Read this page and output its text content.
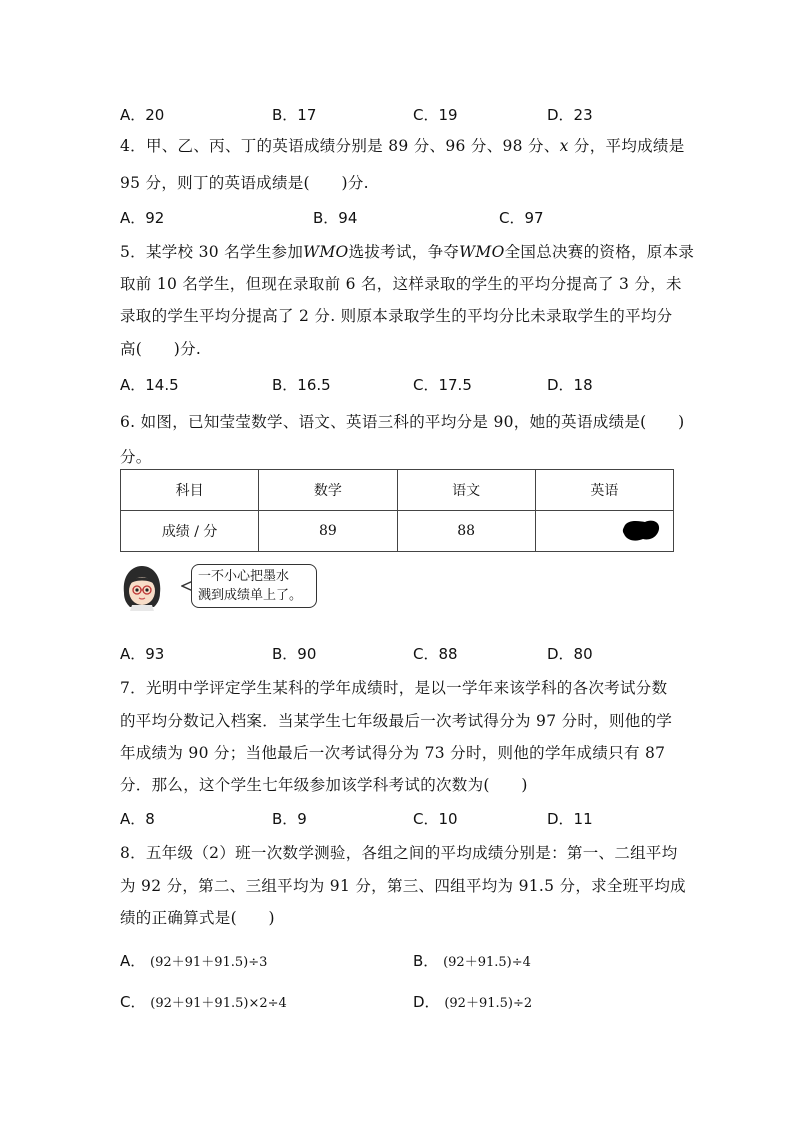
A．20	B．17	C．19	D．23
4．甲、乙、丙、丁的英语成绩分别是 89 分、96 分、98 分、x 分，平均成绩是
95 分，则丁的英语成绩是(　　)分.
A．92	B．94	C．97
5．某学校 30 名学生参加WMO选拔考试，争夺WMO全国总决赛的资格，原本录
取前 10 名学生，但现在录取前 6 名，这样录取的学生的平均分提高了 3 分，未
录取的学生平均分提高了 2 分. 则原本录取学生的平均分比未录取学生的平均分
高(　　)分.
A．14.5	B．16.5	C．17.5	D．18
6. 如图，已知莹莹数学、语文、英语三科的平均分是 90，她的英语成绩是(　　)
分。
科目	数学	语文	英语
成绩 / 分	89	88	
一不小心把墨水
溅到成绩单上了。
A．93	B．90	C．88	D．80
7．光明中学评定学生某科的学年成绩时，是以一学年来该学科的各次考试分数
的平均分数记入档案．当某学生七年级最后一次考试得分为 97 分时，则他的学
年成绩为 90 分；当他最后一次考试得分为 73 分时，则他的学年成绩只有 87
分．那么，这个学生七年级参加该学科考试的次数为(　　)
A．8	B．9	C．10	D．11
8．五年级（2）班一次数学测验，各组之间的平均成绩分别是：第一、二组平均
为 92 分，第二、三组平均为 91 分，第三、四组平均为 91.5 分，求全班平均成
绩的正确算式是(　　)
A． (92＋91＋91.5)÷3	B． (92＋91.5)÷4
C． (92＋91＋91.5)×2÷4	D． (92＋91.5)÷2
